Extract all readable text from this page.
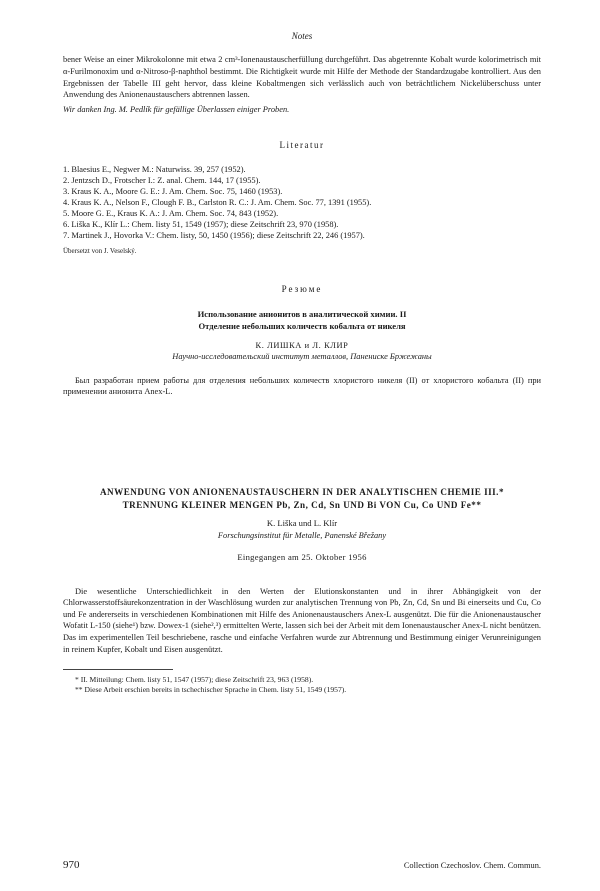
Notes

bener Weise an einer Mikrokolonne mit etwa 2 cm³-Ionenaustauscherfüllung durchgeführt. Das abgetrennte Kobalt wurde kolorimetrisch mit α-Furilmonoxim und α-Nitroso-β-naphthol bestimmt. Die Richtigkeit wurde mit Hilfe der Methode der Standardzugabe kontrolliert. Aus den Ergebnissen der Tabelle III geht hervor, dass kleine Kobaltmengen sich verlässlich auch von beträchtlichem Nickelüberschuss unter Anwendung des Anionenaustauschers abtrennen lassen.

Wir danken Ing. M. Pedlík für gefällige Überlassen einiger Proben.

Literatur
1. Blaesius E., Negwer M.: Naturwiss. 39, 257 (1952).
2. Jentzsch D., Frotscher I.: Z. anal. Chem. 144, 17 (1955).
3. Kraus K. A., Moore G. E.: J. Am. Chem. Soc. 75, 1460 (1953).
4. Kraus K. A., Nelson F., Clough F. B., Carlston R. C.: J. Am. Chem. Soc. 77, 1391 (1955).
5. Moore G. E., Kraus K. A.: J. Am. Chem. Soc. 74, 843 (1952).
6. Liška K., Klír L.: Chem. listy 51, 1549 (1957); diese Zeitschrift 23, 970 (1958).
7. Martinek J., Hovorka V.: Chem. listy, 50, 1450 (1956); diese Zeitschrift 22, 246 (1957).
Übersetzt von J. Veselský.
Резюме
Использование анионитов в аналитической химии. II
Отделение небольших количеств кобальта от никеля
К. ЛИШКА и Л. КЛИР
Научно-исследовательский институт металлов, Панениске Бржежаны

Был разработан прием работы для отделения небольших количеств хлористого никеля (II) от хлористого кобальта (II) при применении анионита Anex-L.

ANWENDUNG VON ANIONENAUSTAUSCHERN IN DER ANALYTISCHEN CHEMIE III.*
TRENNUNG KLEINER MENGEN Pb, Zn, Cd, Sn UND Bi VON Cu, Co UND Fe**
K. Liška und L. Klír
Forschungsinstitut für Metalle, Panenské Břežany
Eingegangen am 25. Oktober 1956

Die wesentliche Unterschiedlichkeit in den Werten der Elutionskonstanten und in ihrer Abhängigkeit von der Chlorwasserstoffsäurekonzentration in der Waschlösung wurden zur analytischen Trennung von Pb, Zn, Cd, Sn und Bi einerseits und Cu, Co und Fe andererseits in verschiedenen Kombinationen mit Hilfe des Anionenaustauschers Anex-L ausgenützt. Die für die Anionenaustauscher Wofatit L-150 (siehe¹) bzw. Dowex-1 (siehe²,³) ermittelten Werte, lassen sich bei der Arbeit mit dem Ionenaustauscher Anex-L nicht benützen. Das im experimentellen Teil beschriebene, rasche und einfache Verfahren wurde zur Abtrennung und Bestimmung einiger Verunreinigungen in reinem Kupfer, Kobalt und Eisen ausgenützt.

* II. Mitteilung: Chem. listy 51, 1547 (1957); diese Zeitschrift 23, 963 (1958).
** Diese Arbeit erschien bereits in tschechischer Sprache in Chem. listy 51, 1549 (1957).
970	Collection Czechoslov. Chem. Commun.
